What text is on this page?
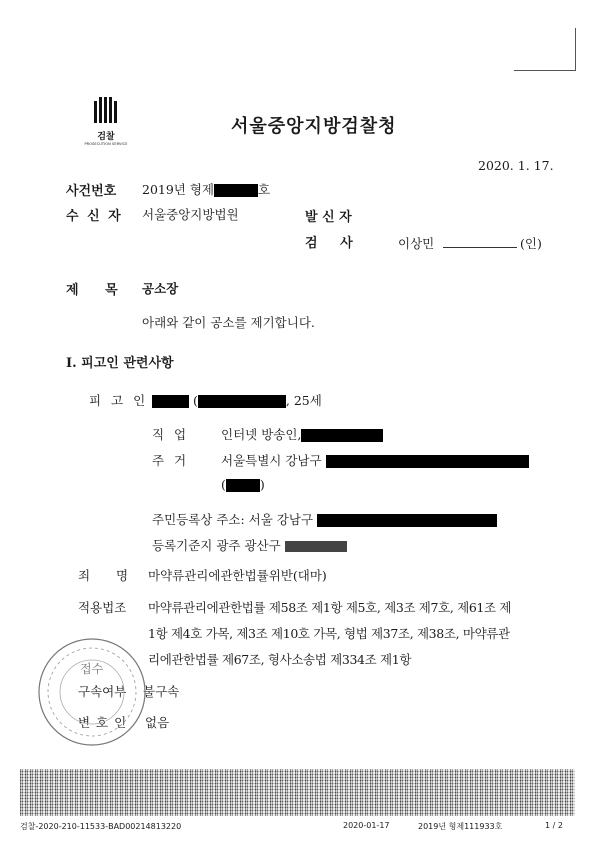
검찰
PROSECUTION SERVICE
서울중앙지방검찰청
2020. 1. 17.
사건번호 2019년 형제	호
수 신 자 서울중앙지방법원	발 신 자
검 사	이상민	(인)
제 목 공소장
아래와 같이 공소를 제기합니다.
Ⅰ. 피고인 관련사항
피 고 인	(	, 25세
직 업	인터넷 방송인,
주 거	서울특별시 강남구
(	)
주민등록상 주소: 서울 강남구
등록기준지 광주 광산구
죄 명 마약류관리에관한법률위반(대마)
적용법조 마약류관리에관한법률 제58조 제1항 제5호, 제3조 제7호, 제61조 제
1항 제4호 가목, 제3조 제10호 가목, 형법 제37조, 제38조, 마약류관
리에관한법률 제67조, 형사소송법 제334조 제1항
구속여부 불구속
변 호 인 없음
접수
검찰-2020-210-11533-BAD00214813220	2020-01-17	2019년 형제111933호	1 / 2
